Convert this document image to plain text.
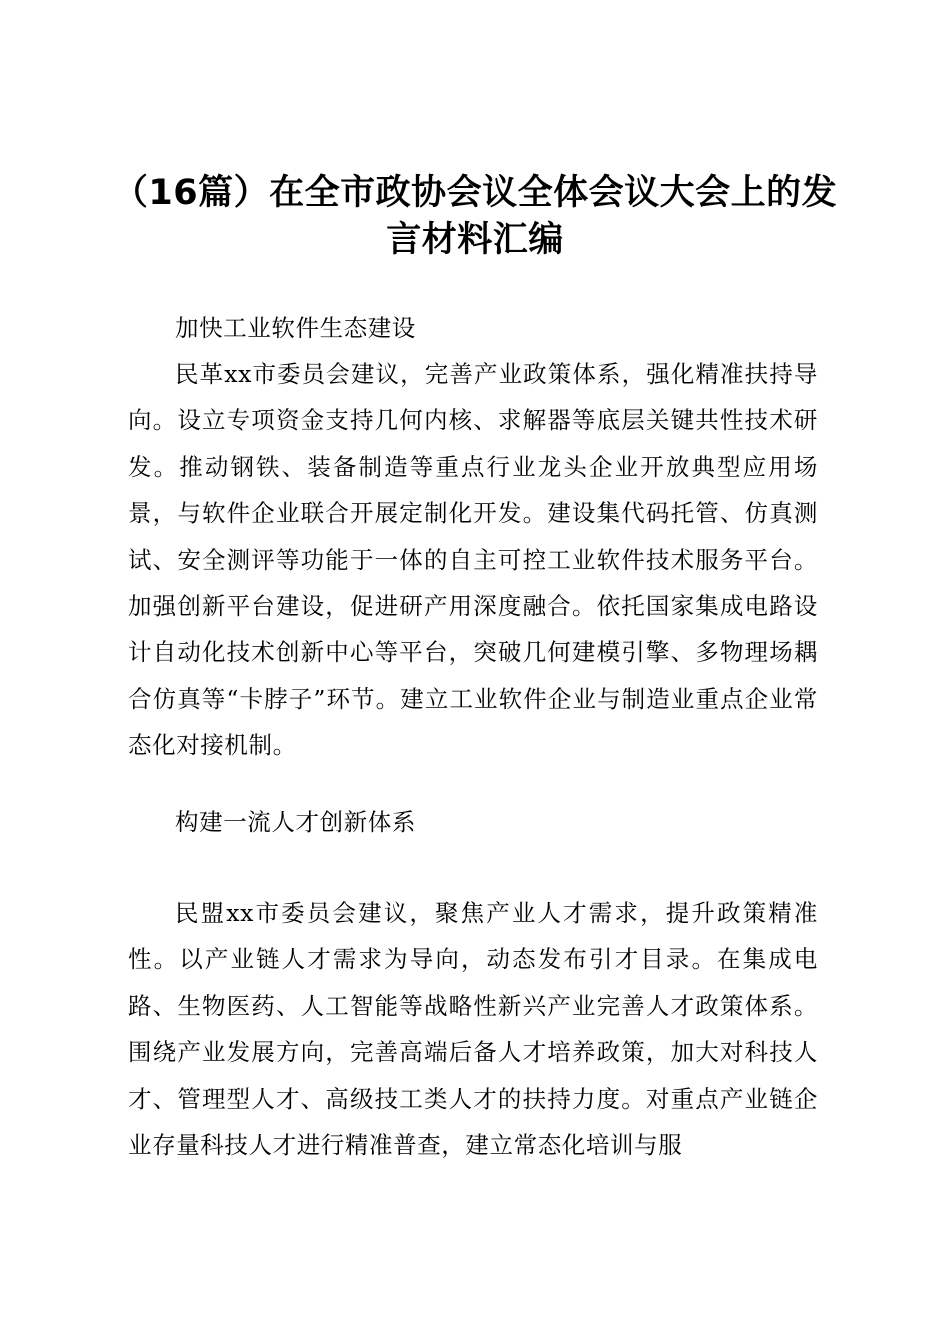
（16篇）在全市政协会议全体会议大会上的发
言材料汇编

加快工业软件生态建设

民革xx市委员会建议，完善产业政策体系，强化精准扶持导向。设立专项资金支持几何内核、求解器等底层关键共性技术研发。推动钢铁、装备制造等重点行业龙头企业开放典型应用场景，与软件企业联合开展定制化开发。建设集代码托管、仿真测试、安全测评等功能于一体的自主可控工业软件技术服务平台。加强创新平台建设，促进研产用深度融合。依托国家集成电路设计自动化技术创新中心等平台，突破几何建模引擎、多物理场耦合仿真等“卡脖子”环节。建立工业软件企业与制造业重点企业常态化对接机制。

构建一流人才创新体系

民盟xx市委员会建议，聚焦产业人才需求，提升政策精准性。以产业链人才需求为导向，动态发布引才目录。在集成电路、生物医药、人工智能等战略性新兴产业完善人才政策体系。围绕产业发展方向，完善高端后备人才培养政策，加大对科技人才、管理型人才、高级技工类人才的扶持力度。对重点产业链企业存量科技人才进行精准普查，建立常态化培训与服
